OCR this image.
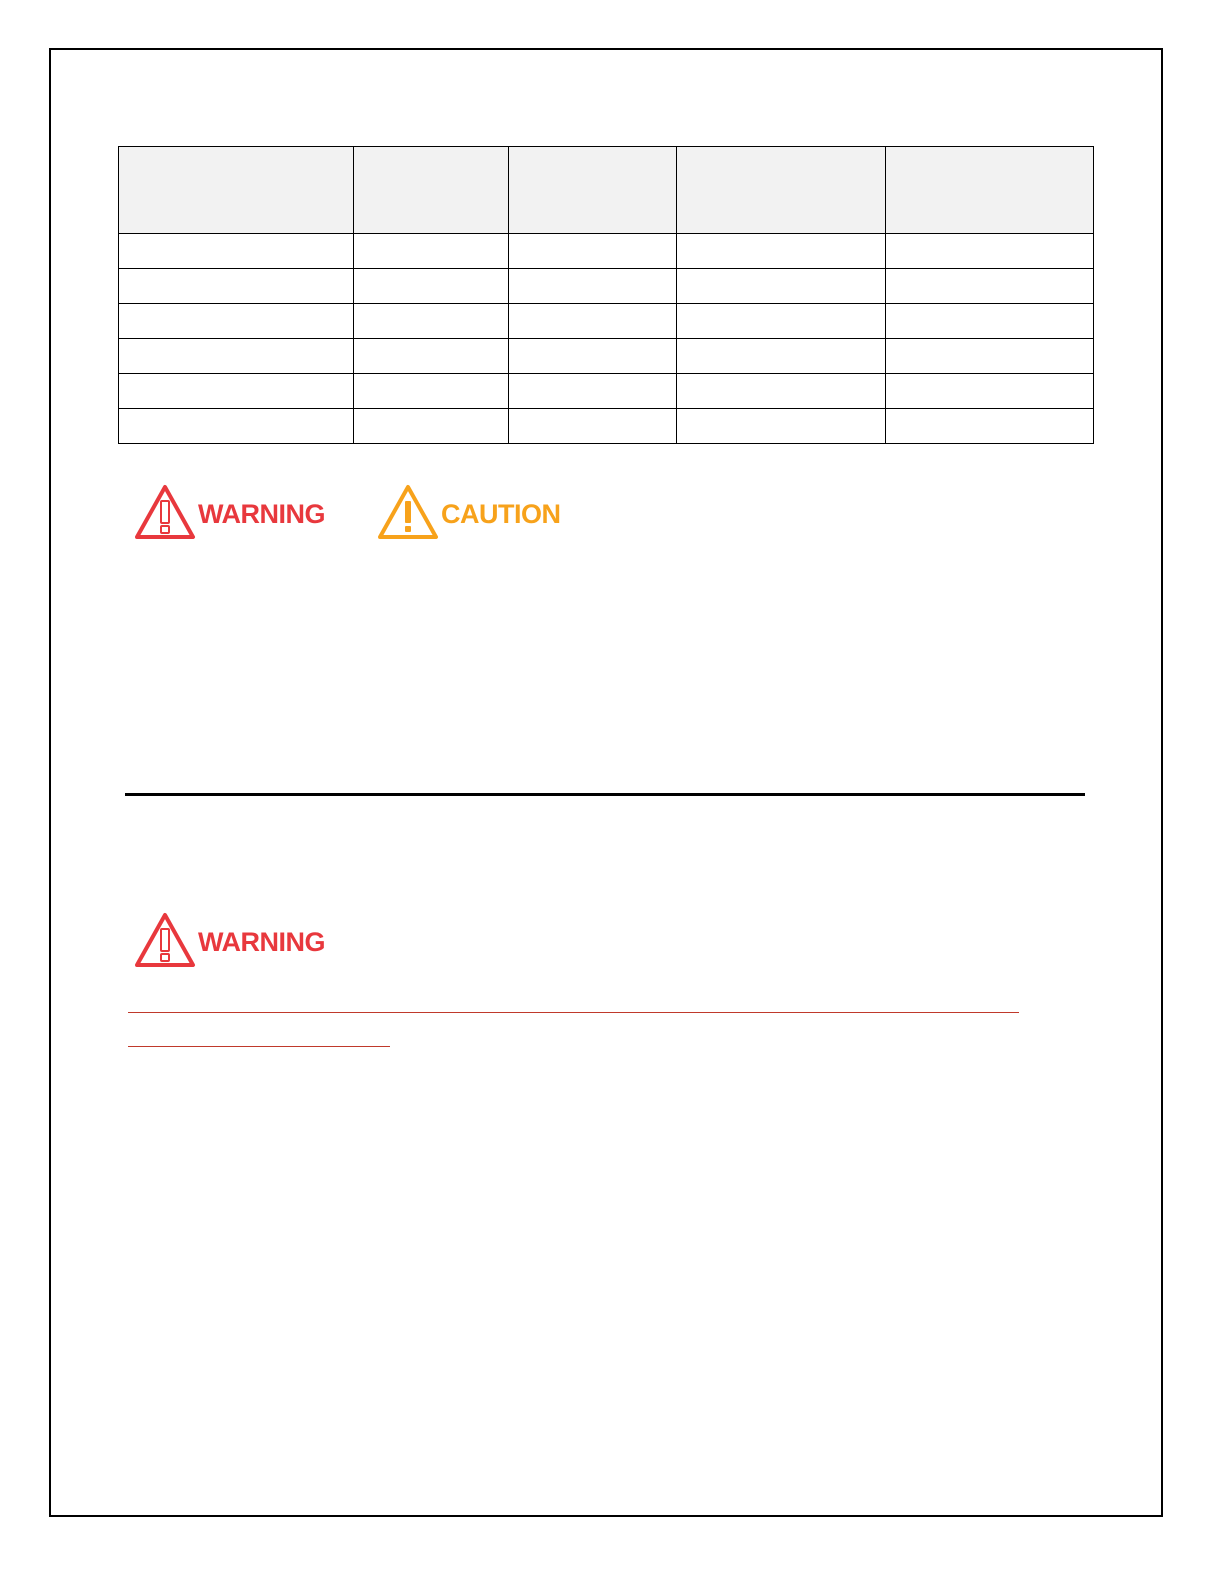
WARNING	CAUTION
WARNING
